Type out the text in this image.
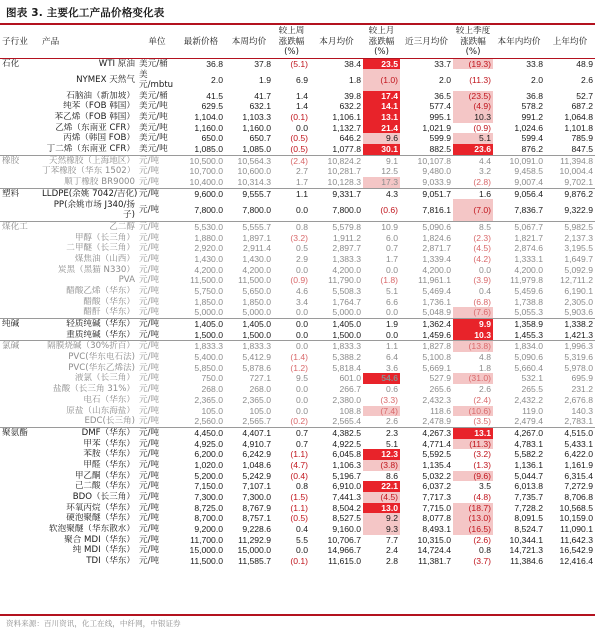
图表 3. 主要化工产品价格变化表
子行业	产品	单位	最新价格	本周均价	较上周涨跌幅(%)	本月均价	较上月涨跌幅(%)	近三月均价	较上季度涨跌幅(%)	本年内均价	上年均价
石化	WTI 原油	美元/桶	36.8	37.8	(5.1)	38.4	23.5	33.7	(19.3)	33.8	48.9
	NYMEX 天然气	美元/mbtu	2.0	1.9	6.9	1.8	(1.0)	2.0	(11.3)	2.0	2.6
	石脑油（新加坡）	美元/桶	41.5	41.7	1.4	39.8	17.4	36.5	(23.5)	36.8	52.7
	纯苯（FOB 韩国）	美元/吨	629.5	632.1	1.4	632.2	14.1	577.4	(4.9)	578.2	687.2
	苯乙烯（FOB 韩国）	美元/吨	1,104.0	1,103.3	(0.1)	1,106.1	13.1	995.1	10.3	991.2	1,064.8
	乙烯（东南亚 CFR）	美元/吨	1,160.0	1,160.0	0.0	1,132.7	21.4	1,021.9	(0.9)	1,024.6	1,101.8
	丙烯（韩国 FOB）	美元/吨	650.0	650.7	(0.5)	646.2	9.6	599.9	5.1	599.4	785.9
	丁二烯（东南亚 CFR）	美元/吨	1,085.0	1,085.0	(0.5)	1,077.8	30.1	882.5	23.6	876.2	847.5
橡胶	天然橡胶（上海地区）	元/吨	10,500.0	10,564.3	(2.4)	10,824.2	9.1	10,107.8	4.4	10,091.0	11,394.8
	丁苯橡胶（华东 1502）	元/吨	10,700.0	10,600.0	2.7	10,281.7	12.5	9,480.0	3.2	9,458.5	10,004.4
	顺丁橡胶 BR9000	元/吨	10,400.0	10,314.3	1.7	10,128.3	17.3	9,033.9	(2.8)	9,007.4	9,702.1
塑料	LLDPE(余姚 7042/吉化)	元/吨	9,600.0	9,555.7	1.1	9,331.7	4.3	9,051.7	1.6	9,056.4	9,876.2
	PP(余姚市场 J340/扬子)	元/吨	7,800.0	7,800.0	0.0	7,800.0	(0.6)	7,816.1	(7.0)	7,836.7	9,322.9
煤化工	乙二醇	元/吨	5,530.0	5,555.7	0.8	5,579.8	10.9	5,090.6	8.5	5,067.7	5,982.5
	甲醇（长三角）	元/吨	1,880.0	1,897.1	(3.2)	1,911.2	6.0	1,824.6	(2.3)	1,821.7	2,137.3
	二甲醚（长三角）	元/吨	2,920.0	2,911.4	0.5	2,897.7	0.7	2,871.7	(4.5)	2,874.6	3,195.5
	煤焦油（山西）	元/吨	1,430.0	1,430.0	2.9	1,383.3	1.7	1,339.4	(4.2)	1,333.1	1,649.7
	炭黑（黑猫 N330）	元/吨	4,200.0	4,200.0	0.0	4,200.0	0.0	4,200.0	0.0	4,200.0	5,092.9
	PVA	元/吨	11,500.0	11,500.0	(0.9)	11,790.0	(1.8)	11,961.1	(3.9)	11,979.8	12,711.2
	醋酸乙烯（华东）	元/吨	5,750.0	5,650.0	4.6	5,508.3	5.1	5,469.4	0.4	5,459.6	6,190.1
	醋酸（华东）	元/吨	1,850.0	1,850.0	3.4	1,764.7	6.6	1,736.1	(6.8)	1,738.8	2,305.0
	醋酐（华东）	元/吨	5,000.0	5,000.0	0.0	5,000.0	0.0	5,048.9	(7.6)	5,055.3	5,903.6
纯碱	轻质纯碱（华东）	元/吨	1,405.0	1,405.0	0.0	1,405.0	1.9	1,362.4	9.9	1,358.9	1,338.2
	重质纯碱（华东）	元/吨	1,500.0	1,500.0	0.0	1,500.0	0.0	1,459.6	10.3	1,455.3	1,421.3
氯碱	隔膜烧碱（30%折百）	元/吨	1,833.3	1,833.3	0.0	1,833.3	1.1	1,827.8	(13.8)	1,834.0	1,996.3
	PVC(华东电石法)	元/吨	5,400.0	5,412.9	(1.4)	5,388.2	6.4	5,100.8	4.8	5,090.6	5,319.6
	PVC(华东乙烯法)	元/吨	5,850.0	5,878.6	(1.2)	5,818.4	3.6	5,669.1	1.8	5,660.4	5,978.0
	液氯（长三角）	元/吨	750.0	727.1	9.5	601.0	54.6	527.9	(31.0)	532.1	695.9
	盐酸（长三角 31%）	元/吨	268.0	268.0	0.0	266.7	0.6	265.6	2.6	265.5	231.2
	电石（华东）	元/吨	2,365.0	2,365.0	0.0	2,380.0	(3.3)	2,432.3	(2.4)	2,432.2	2,676.8
	原盐（山东海盐）	元/吨	105.0	105.0	0.0	108.8	(7.4)	118.6	(10.6)	119.0	140.3
	EDC(长三角)	元/吨	2,560.0	2,565.7	(0.2)	2,565.4	2.6	2,478.9	(3.5)	2,479.4	2,783.1
聚氨酯	DMF（华东）	元/吨	4,450.0	4,407.1	0.7	4,382.5	2.3	4,267.3	13.1	4,267.0	4,515.0
	甲苯（华东）	元/吨	4,925.0	4,910.7	0.7	4,922.5	5.1	4,771.4	(11.3)	4,783.1	5,433.1
	苯胺（华东）	元/吨	6,200.0	6,242.9	(1.1)	6,045.8	12.3	5,592.5	(3.2)	5,582.2	6,422.0
	甲醛（华东）	元/吨	1,020.0	1,048.6	(4.7)	1,106.3	(3.8)	1,135.4	(1.3)	1,136.1	1,161.9
	甲乙酮（华东）	元/吨	5,200.0	5,242.9	(0.4)	5,196.7	8.6	5,032.2	(9.6)	5,044.7	6,315.4
	己二酸（华东）	元/吨	7,150.0	7,107.1	0.8	6,910.0	22.1	6,037.2	3.5	6,013.8	7,272.9
	BDO（长三角）	元/吨	7,300.0	7,300.0	(1.5)	7,441.3	(4.5)	7,717.3	(4.8)	7,735.7	8,706.8
	环氧丙烷（华东）	元/吨	8,725.0	8,767.9	(1.1)	8,504.2	13.0	7,715.0	(18.7)	7,728.2	10,568.5
	硬泡聚醚（华东）	元/吨	8,700.0	8,757.1	(0.5)	8,527.5	9.2	8,077.8	(13.0)	8,091.5	10,159.0
	软泡聚醚（华东散水）	元/吨	9,200.0	9,228.6	0.4	9,160.0	9.3	8,493.1	(16.5)	8,524.7	11,090.1
	聚合 MDI（华东）	元/吨	11,700.0	11,292.9	5.5	10,706.7	7.7	10,315.0	(2.6)	10,344.1	11,642.3
	纯 MDI（华东）	元/吨	15,000.0	15,000.0	0.0	14,966.7	2.4	14,724.4	0.8	14,721.3	16,542.9
	TDI（华东）	元/吨	11,500.0	11,585.7	(0.1)	11,615.0	2.8	11,381.7	(3.7)	11,384.6	12,416.4
资料来源：百川资讯，化工在线，中纤网，中银证券
